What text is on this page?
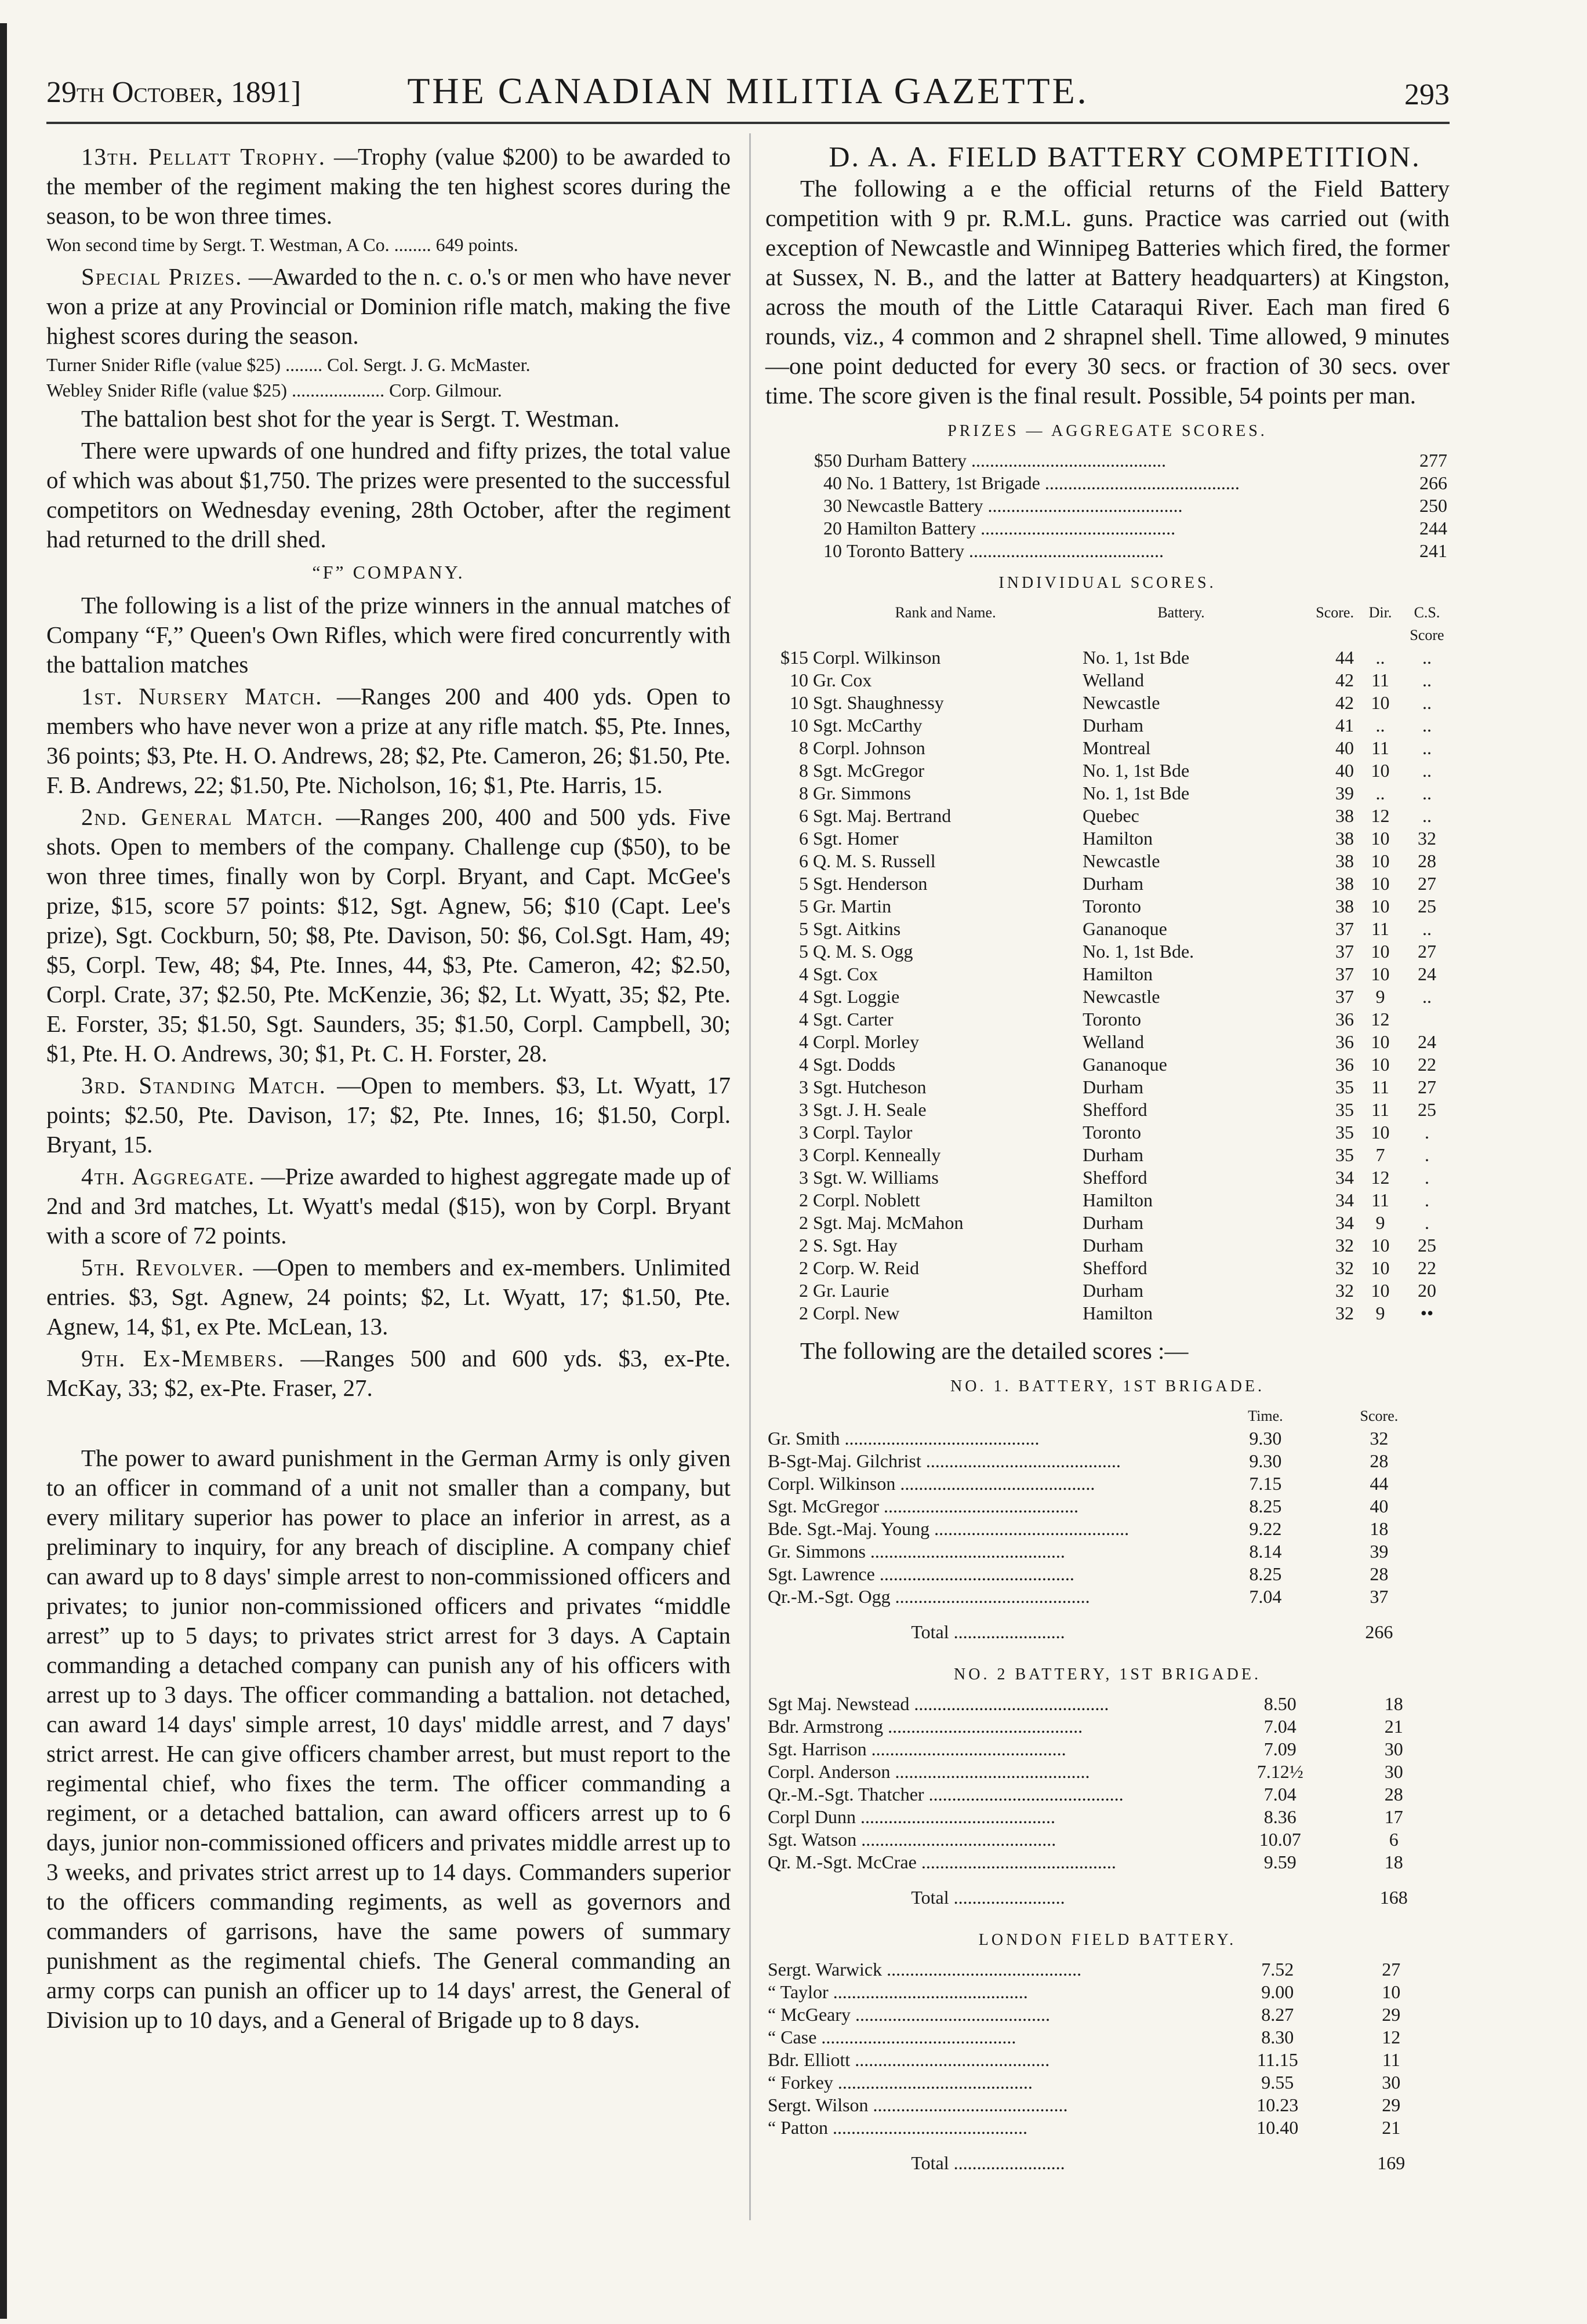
29th October, 1891]	THE CANADIAN MILITIA GAZETTE.	293

13th. Pellatt Trophy. —Trophy (value $200) to be awarded to the member of the regiment making the ten highest scores during the season, to be won three times.

Won second time by Sergt. T. Westman, A Co. ........ 649 points.

Special Prizes. —Awarded to the n. c. o.'s or men who have never won a prize at any Provincial or Dominion rifle match, making the five highest scores during the season.

Turner Snider Rifle (value $25) ........ Col. Sergt. J. G. McMaster.

Webley Snider Rifle (value $25) .................... Corp. Gilmour.

The battalion best shot for the year is Sergt. T. Westman.

There were upwards of one hundred and fifty prizes, the total value of which was about $1,750. The prizes were presented to the successful competitors on Wednesday evening, 28th October, after the regiment had returned to the drill shed.

“F” COMPANY.

The following is a list of the prize winners in the annual matches of Company “F,” Queen's Own Rifles, which were fired concurrently with the battalion matches

1st. Nursery Match. —Ranges 200 and 400 yds. Open to members who have never won a prize at any rifle match. $5, Pte. Innes, 36 points; $3, Pte. H. O. Andrews, 28; $2, Pte. Cameron, 26; $1.50, Pte. F. B. Andrews, 22; $1.50, Pte. Nicholson, 16; $1, Pte. Harris, 15.

2nd. General Match. —Ranges 200, 400 and 500 yds. Five shots. Open to members of the company. Challenge cup ($50), to be won three times, finally won by Corpl. Bryant, and Capt. McGee's prize, $15, score 57 points: $12, Sgt. Agnew, 56; $10 (Capt. Lee's prize), Sgt. Cockburn, 50; $8, Pte. Davison, 50: $6, Col.Sgt. Ham, 49; $5, Corpl. Tew, 48; $4, Pte. Innes, 44, $3, Pte. Cameron, 42; $2.50, Corpl. Crate, 37; $2.50, Pte. McKenzie, 36; $2, Lt. Wyatt, 35; $2, Pte. E. Forster, 35; $1.50, Sgt. Saunders, 35; $1.50, Corpl. Campbell, 30; $1, Pte. H. O. Andrews, 30; $1, Pt. C. H. Forster, 28.

3rd. Standing Match. —Open to members. $3, Lt. Wyatt, 17 points; $2.50, Pte. Davison, 17; $2, Pte. Innes, 16; $1.50, Corpl. Bryant, 15.

4th. Aggregate. —Prize awarded to highest aggregate made up of 2nd and 3rd matches, Lt. Wyatt's medal ($15), won by Corpl. Bryant with a score of 72 points.

5th. Revolver. —Open to members and ex-members. Unlimited entries. $3, Sgt. Agnew, 24 points; $2, Lt. Wyatt, 17; $1.50, Pte. Agnew, 14, $1, ex Pte. McLean, 13.

9th. Ex-Members. —Ranges 500 and 600 yds. $3, ex-Pte. McKay, 33; $2, ex-Pte. Fraser, 27.

The power to award punishment in the German Army is only given to an officer in command of a unit not smaller than a company, but every military superior has power to place an inferior in arrest, as a preliminary to inquiry, for any breach of discipline. A company chief can award up to 8 days' simple arrest to non-commissioned officers and privates; to junior non-commissioned officers and privates “middle arrest” up to 5 days; to privates strict arrest for 3 days. A Captain commanding a detached company can punish any of his officers with arrest up to 3 days. The officer commanding a battalion. not detached, can award 14 days' simple arrest, 10 days' middle arrest, and 7 days' strict arrest. He can give officers chamber arrest, but must report to the regimental chief, who fixes the term. The officer commanding a regiment, or a detached battalion, can award officers arrest up to 6 days, junior non-commissioned officers and privates middle arrest up to 3 weeks, and privates strict arrest up to 14 days. Commanders superior to the officers commanding regiments, as well as governors and commanders of garrisons, have the same powers of summary punishment as the regimental chiefs. The General commanding an army corps can punish an officer up to 14 days' arrest, the General of Division up to 10 days, and a General of Brigade up to 8 days.

D. A. A. FIELD BATTERY COMPETITION.

The following a e the official returns of the Field Battery competition with 9 pr. R.M.L. guns. Practice was carried out (with exception of Newcastle and Winnipeg Batteries which fired, the former at Sussex, N. B., and the latter at Battery headquarters) at Kingston, across the mouth of the Little Cataraqui River. Each man fired 6 rounds, viz., 4 common and 2 shrapnel shell. Time allowed, 9 minutes—one point deducted for every 30 secs. or fraction of 30 secs. over time. The score given is the final result. Possible, 54 points per man.

PRIZES — AGGREGATE SCORES.
$50	Durham Battery ..........................................	277
40	No. 1 Battery, 1st Brigade ..........................................	266
30	Newcastle Battery ..........................................	250
20	Hamilton Battery ..........................................	244
10	Toronto Battery ..........................................	241
INDIVIDUAL SCORES.
	Rank and Name.	Battery.	Score.	Dir.	C.S. Score
$15	Corpl. Wilkinson	No. 1, 1st Bde	44	..	..
10	Gr. Cox	Welland	42	11	..
10	Sgt. Shaughnessy	Newcastle	42	10	..
10	Sgt. McCarthy	Durham	41	..	..
8	Corpl. Johnson	Montreal	40	11	..
8	Sgt. McGregor	No. 1, 1st Bde	40	10	..
8	Gr. Simmons	No. 1, 1st Bde	39	..	..
6	Sgt. Maj. Bertrand	Quebec	38	12	..
6	Sgt. Homer	Hamilton	38	10	32
6	Q. M. S. Russell	Newcastle	38	10	28
5	Sgt. Henderson	Durham	38	10	27
5	Gr. Martin	Toronto	38	10	25
5	Sgt. Aitkins	Gananoque	37	11	..
5	Q. M. S. Ogg	No. 1, 1st Bde.	37	10	27
4	Sgt. Cox	Hamilton	37	10	24
4	Sgt. Loggie	Newcastle	37	9	..
4	Sgt. Carter	Toronto	36	12	
4	Corpl. Morley	Welland	36	10	24
4	Sgt. Dodds	Gananoque	36	10	22
3	Sgt. Hutcheson	Durham	35	11	27
3	Sgt. J. H. Seale	Shefford	35	11	25
3	Corpl. Taylor	Toronto	35	10	.
3	Corpl. Kenneally	Durham	35	7	.
3	Sgt. W. Williams	Shefford	34	12	.
2	Corpl. Noblett	Hamilton	34	11	.
2	Sgt. Maj. McMahon	Durham	34	9	.
2	S. Sgt. Hay	Durham	32	10	25
2	Corp. W. Reid	Shefford	32	10	22
2	Gr. Laurie	Durham	32	10	20
2	Corpl. New	Hamilton	32	9	••

The following are the detailed scores :—

NO. 1. BATTERY, 1ST BRIGADE.
	Time.	Score.
Gr. Smith ..........................................	9.30	32
B-Sgt-Maj. Gilchrist ..........................................	9.30	28
Corpl. Wilkinson ..........................................	7.15	44
Sgt. McGregor ..........................................	8.25	40
Bde. Sgt.-Maj. Young ..........................................	9.22	18
Gr. Simmons ..........................................	8.14	39
Sgt. Lawrence ..........................................	8.25	28
Qr.-M.-Sgt. Ogg ..........................................	7.04	37
Total ........................		266
NO. 2 BATTERY, 1ST BRIGADE.
Sgt Maj. Newstead ..........................................	8.50	18
Bdr. Armstrong ..........................................	7.04	21
Sgt. Harrison ..........................................	7.09	30
Corpl. Anderson ..........................................	7.12½	30
Qr.-M.-Sgt. Thatcher ..........................................	7.04	28
Corpl Dunn ..........................................	8.36	17
Sgt. Watson ..........................................	10.07	6
Qr. M.-Sgt. McCrae ..........................................	9.59	18
Total ........................		168
LONDON FIELD BATTERY.
Sergt. Warwick ..........................................	7.52	27
“ Taylor ..........................................	9.00	10
“ McGeary ..........................................	8.27	29
“ Case ..........................................	8.30	12
Bdr. Elliott ..........................................	11.15	11
“ Forkey ..........................................	9.55	30
Sergt. Wilson ..........................................	10.23	29
“ Patton ..........................................	10.40	21
Total ........................		169
